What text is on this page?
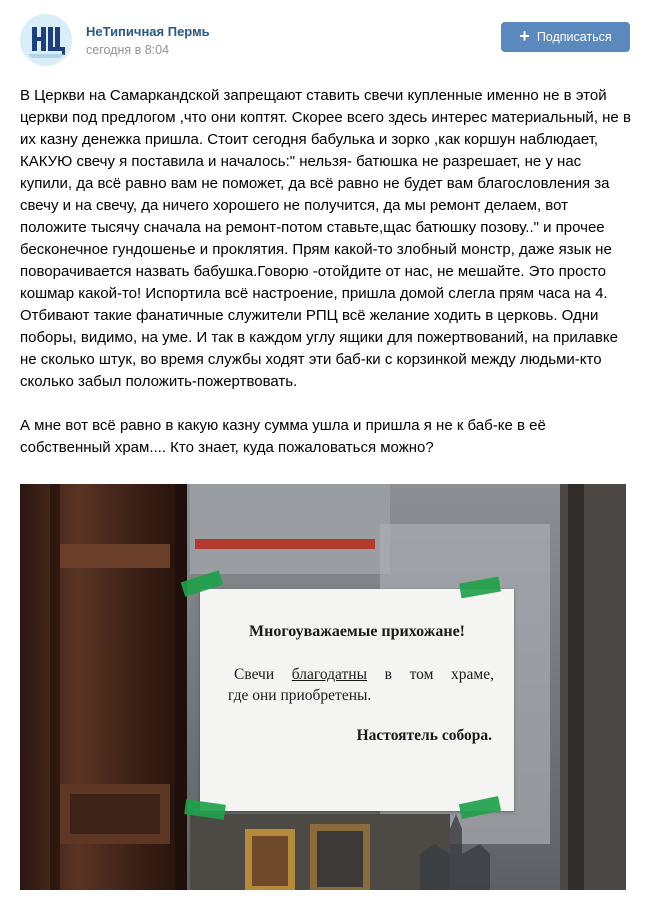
НеТипичная Пермь
сегодня в 8:04
+ Подписаться

В Церкви на Самаркандской запрещают ставить свечи купленные именно не в этой церкви под предлогом ,что они коптят. Скорее всего здесь интерес материальный, не в их казну денежка пришла. Стоит сегодня бабулька и зорко ,как коршун наблюдает, КАКУЮ свечу я поставила и началось:" нельзя- батюшка не разрешает, не у нас купили, да всё равно вам не поможет, да всё равно не будет вам благословления за свечу и на свечу, да ничего хорошего не получится, да мы ремонт делаем, вот положите тысячу сначала на ремонт-потом ставьте,щас батюшку позову.." и прочее бесконечное гундошенье и проклятия. Прям какой-то злобный монстр, даже язык не поворачивается назвать бабушка.Говорю -отойдите от нас, не мешайте. Это просто кошмар какой-то! Испортила всё настроение, пришла домой слегла прям часа на 4. Отбивают такие фанатичные служители РПЦ всё желание ходить в церковь. Одни поборы, видимо, на уме. И так в каждом углу ящики для пожертвований, на прилавке не сколько штук, во время службы ходят эти баб-ки с корзинкой между людьми-кто сколько забыл положить-пожертвовать.

А мне вот всё равно в какую казну сумма ушла и пришла я не к баб-ке в её собственный храм.... Кто знает, куда пожаловаться можно?

Многоуважаемые прихожане!
Свечи благодатны в том храме,
где они приобретены.
Настоятель собора.
